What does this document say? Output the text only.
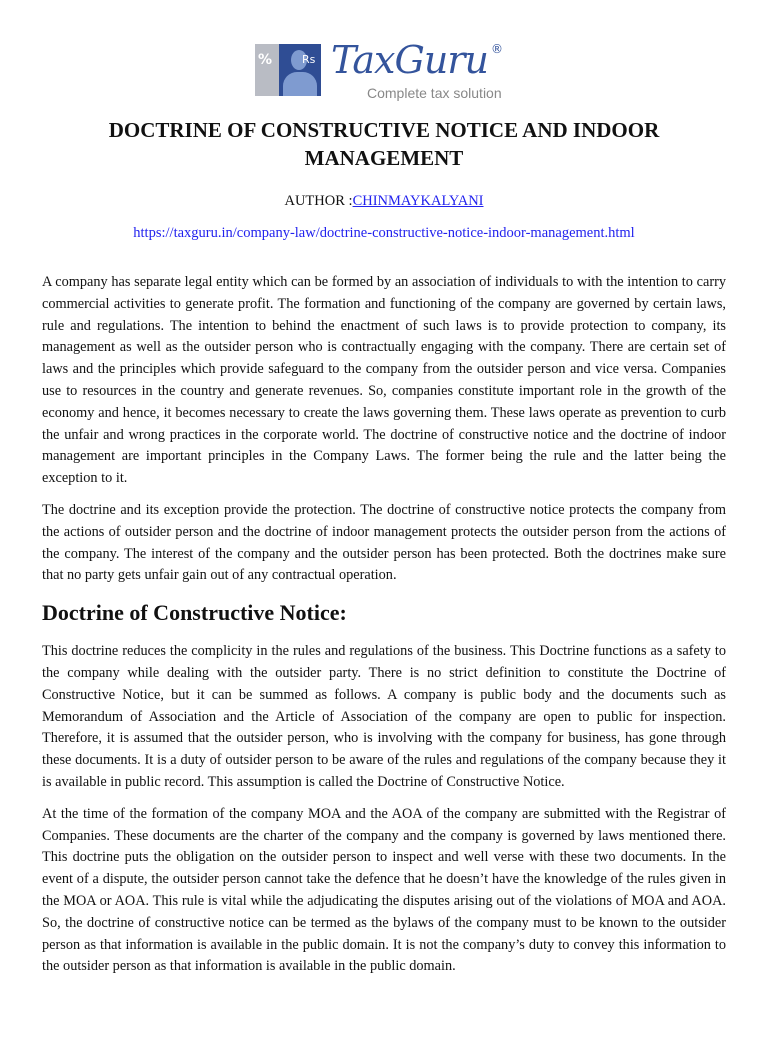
%	Rs TaxGuru ®
Complete tax solution
DOCTRINE OF CONSTRUCTIVE NOTICE AND INDOOR MANAGEMENT
AUTHOR :CHINMAYKALYANI
https://taxguru.in/company-law/doctrine-constructive-notice-indoor-management.html

A company has separate legal entity which can be formed by an association of individuals to with the intention to carry commercial activities to generate profit. The formation and functioning of the company are governed by certain laws, rule and regulations. The intention to behind the enactment of such laws is to provide protection to company, its management as well as the outsider person who is contractually engaging with the company. There are certain set of laws and the principles which provide safeguard to the company from the outsider person and vice versa. Companies use to resources in the country and generate revenues. So, companies constitute important role in the growth of the economy and hence, it becomes necessary to create the laws governing them. These laws operate as prevention to curb the unfair and wrong practices in the corporate world. The doctrine of constructive notice and the doctrine of indoor management are important principles in the Company Laws. The former being the rule and the latter being the exception to it.

The doctrine and its exception provide the protection. The doctrine of constructive notice protects the company from the actions of outsider person and the doctrine of indoor management protects the outsider person from the actions of the company. The interest of the company and the outsider person has been protected. Both the doctrines make sure that no party gets unfair gain out of any contractual operation.

Doctrine of Constructive Notice:

This doctrine reduces the complicity in the rules and regulations of the business. This Doctrine functions as a safety to the company while dealing with the outsider party. There is no strict definition to constitute the Doctrine of Constructive Notice, but it can be summed as follows. A company is public body and the documents such as Memorandum of Association and the Article of Association of the company are open to public for inspection. Therefore, it is assumed that the outsider person, who is involving with the company for business, has gone through these documents. It is a duty of outsider person to be aware of the rules and regulations of the company because they it is available in public record. This assumption is called the Doctrine of Constructive Notice.

At the time of the formation of the company MOA and the AOA of the company are submitted with the Registrar of Companies. These documents are the charter of the company and the company is governed by laws mentioned there. This doctrine puts the obligation on the outsider person to inspect and well verse with these two documents. In the event of a dispute, the outsider person cannot take the defence that he doesn’t have the knowledge of the rules given in the MOA or AOA. This rule is vital while the adjudicating the disputes arising out of the violations of MOA and AOA. So, the doctrine of constructive notice can be termed as the bylaws of the company must to be known to the outsider person as that information is available in the public domain. It is not the company’s duty to convey this information to the outsider person as that information is available in the public domain.
